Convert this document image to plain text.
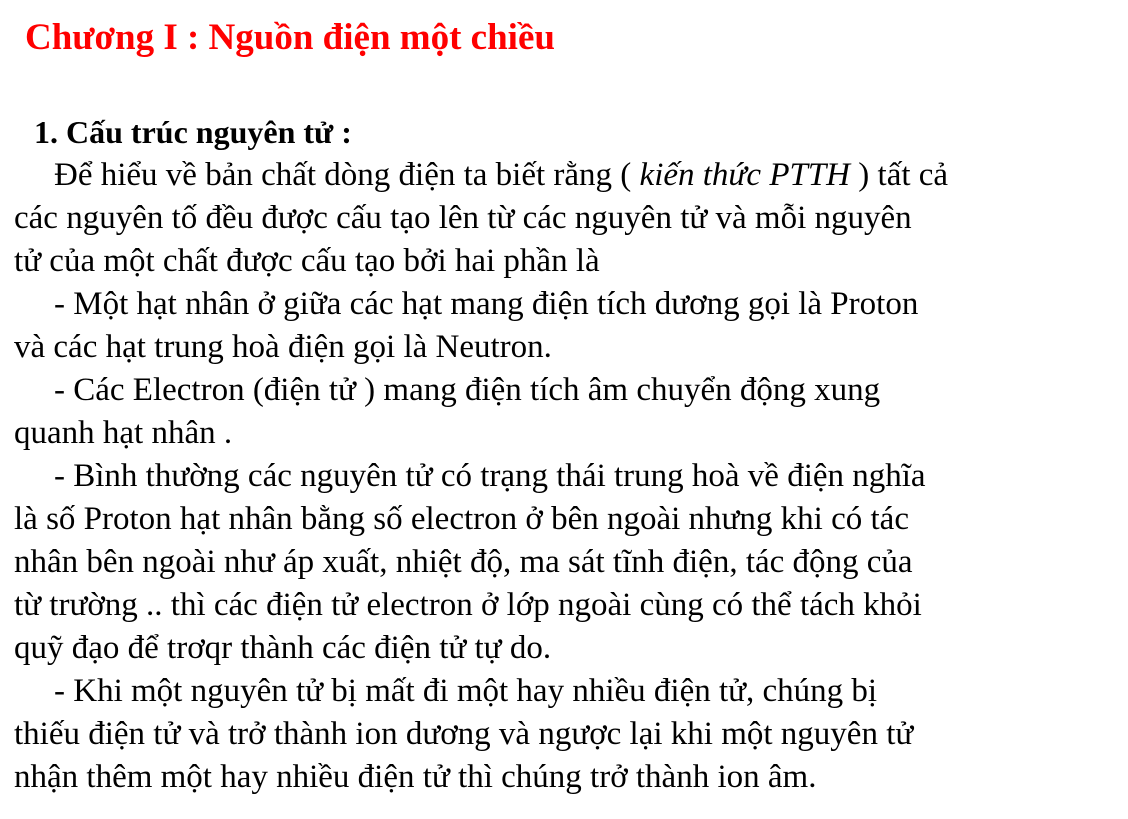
Chương I : Nguồn điện một chiều
1. Cấu trúc nguyên tử :
Để hiểu về bản chất dòng điện ta biết rằng ( kiến thức PTTH ) tất cả
các nguyên tố đều được cấu tạo lên từ các nguyên tử và mỗi nguyên
tử của một chất được cấu tạo bởi hai phần là
- Một hạt nhân ở giữa các hạt mang điện tích dương gọi là Proton
và các hạt trung hoà điện gọi là Neutron.
- Các Electron (điện tử ) mang điện tích âm chuyển động xung
quanh hạt nhân .
- Bình thường các nguyên tử có trạng thái trung hoà về điện nghĩa
là số Proton hạt nhân bằng số electron ở bên ngoài nhưng khi có tác
nhân bên ngoài như áp xuất, nhiệt độ, ma sát tĩnh điện, tác động của
từ trường .. thì các điện tử electron ở lớp ngoài cùng có thể tách khỏi
quỹ đạo để trơqr thành các điện tử tự do.
- Khi một nguyên tử bị mất đi một hay nhiều điện tử, chúng bị
thiếu điện tử và trở thành ion dương và ngược lại khi một nguyên tử
nhận thêm một hay nhiều điện tử thì chúng trở thành ion âm.
